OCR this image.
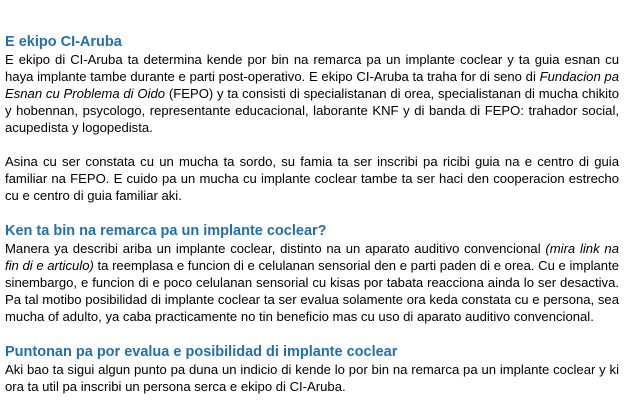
E ekipo CI-Aruba

E ekipo di CI-Aruba ta determina kende por bin na remarca pa un implante coclear y ta guia esnan cu haya implante tambe durante e parti post-operativo. E ekipo CI-Aruba ta traha for di seno di Fundacion pa Esnan cu Problema di Oido (FEPO) y ta consisti di specialistanan di orea, specialistanan di mucha chikito y hobennan, psycologo, representante educacional, laborante KNF y di banda di FEPO: trahador social, acupedista y logopedista.

Asina cu ser constata cu un mucha ta sordo, su famia ta ser inscribi pa ricibi guia na e centro di guia familiar na FEPO. E cuido pa un mucha cu implante coclear tambe ta ser haci den cooperacion estrecho cu e centro di guia familiar aki.

Ken ta bin na remarca pa un implante coclear?

Manera ya describi ariba un implante coclear, distinto na un aparato auditivo convencional (mira link na fin di e articulo) ta reemplasa e funcion di e celulanan sensorial den e parti paden di e orea. Cu e implante sinembargo, e funcion di e poco celulanan sensorial cu kisas por tabata reacciona ainda lo ser desactiva. Pa tal motibo posibilidad di implante coclear ta ser evalua solamente ora keda constata cu e persona, sea mucha of adulto, ya caba practicamente no tin beneficio mas cu uso di aparato auditivo convencional.

Puntonan pa por evalua e posibilidad di implante coclear

Aki bao ta sigui algun punto pa duna un indicio di kende lo por bin na remarca pa un implante coclear y ki ora ta util pa inscribi un persona serca e ekipo di CI-Aruba.
